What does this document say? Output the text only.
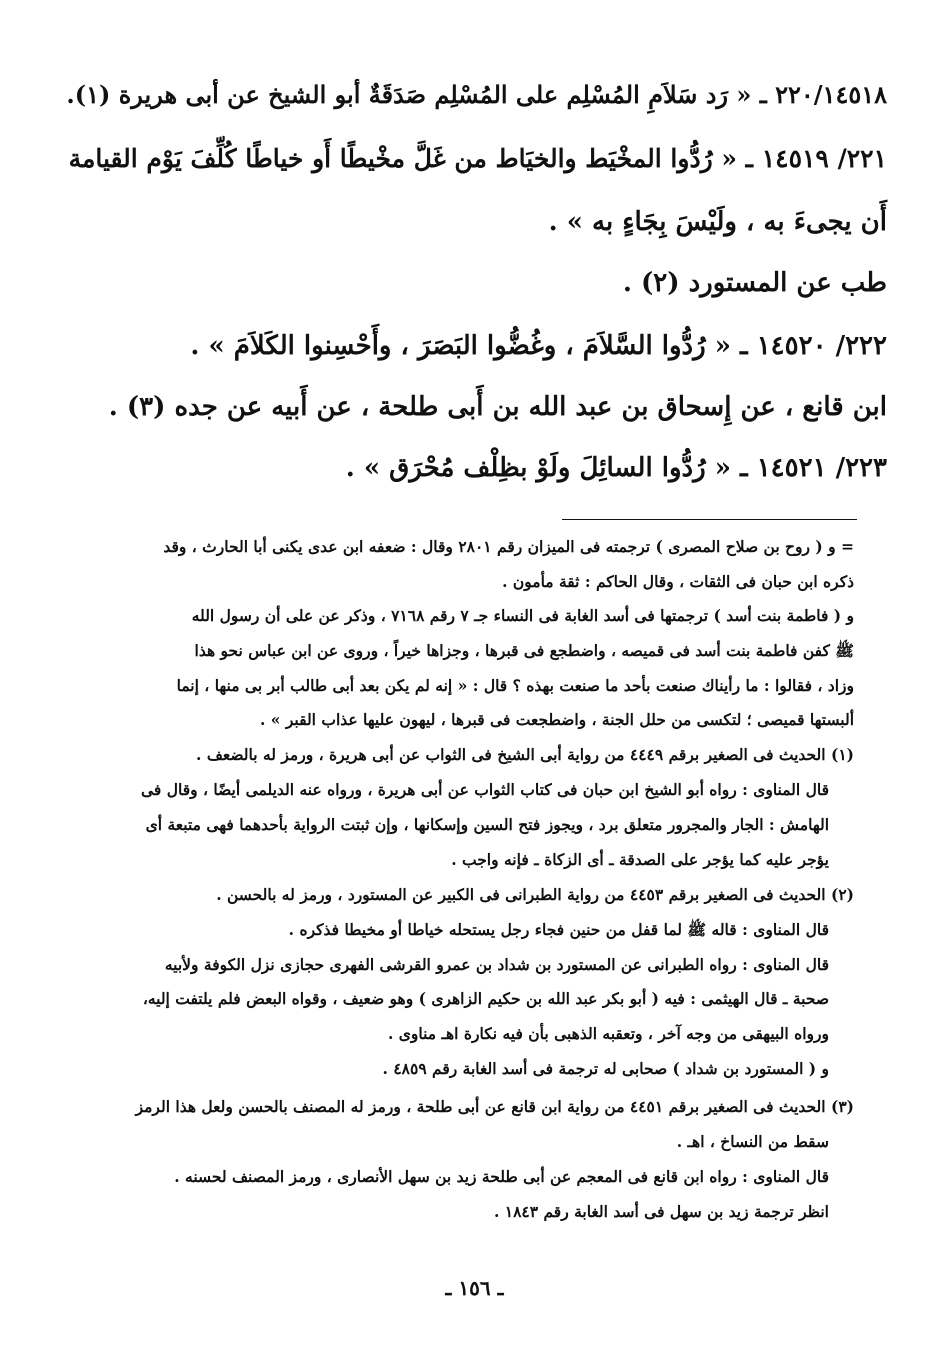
٢٢٠/١٤٥١٨ ـ « رَد سَلاَمِ المُسْلِم على المُسْلِم صَدَقَةٌ أبو الشيخ عن أبى هريرة (١).
٢٢١/ ١٤٥١٩ ـ « رُدُّوا المخْيَط والخيَاط من غَلَّ مخْيطًا أَو خياطًا كُلِّفَ يَوْم القيامة
أَن يجىءَ به ، ولَيْسَ بِجَاءٍ به » .
طب عن المستورد (٢) .
٢٢٢/ ١٤٥٢٠ ـ « رُدُّوا السَّلاَمَ ، وغُضُّوا البَصَرَ ، وأَحْسِنوا الكَلاَمَ » .
ابن قانع ، عن إِسحاق بن عبد الله بن أَبى طلحة ، عن أَبيه عن جده (٣) .
٢٢٣/ ١٤٥٢١ ـ « رُدُّوا السائِلَ ولَوْ بظِلْف مُحْرَق » .
= و ( روح بن صلاح المصرى ) ترجمته فى الميزان رقم ٢٨٠١ وقال : ضعفه ابن عدى يكنى أبا الحارث ، وقد
ذكره ابن حبان فى الثقات ، وقال الحاكم : ثقة مأمون .
و ( فاطمة بنت أسد ) ترجمتها فى أسد الغابة فى النساء جـ ٧ رقم ٧١٦٨ ، وذكر عن على أن رسول الله
ﷺ كفن فاطمة بنت أسد فى قميصه ، واضطجع فى قبرها ، وجزاها خيراً ، وروى عن ابن عباس نحو هذا
وزاد ، فقالوا : ما رأيناك صنعت بأحد ما صنعت بهذه ؟ قال : « إنه لم يكن بعد أبى طالب أبر بى منها ، إنما
ألبستها قميصى ؛ لتكسى من حلل الجنة ، واضطجعت فى قبرها ، ليهون عليها عذاب القبر » .
(١) الحديث فى الصغير برقم ٤٤٤٩ من رواية أبى الشيخ فى الثواب عن أبى هريرة ، ورمز له بالضعف .
قال المناوى : رواه أبو الشيخ ابن حبان فى كتاب الثواب عن أبى هريرة ، ورواه عنه الديلمى أيضًا ، وقال فى
الهامش : الجار والمجرور متعلق برد ، ويجوز فتح السين وإسكانها ، وإن ثبتت الرواية بأحدهما فهى متبعة أى
يؤجر عليه كما يؤجر على الصدقة ـ أى الزكاة ـ فإنه واجب .
(٢) الحديث فى الصغير برقم ٤٤٥٣ من رواية الطبرانى فى الكبير عن المستورد ، ورمز له بالحسن .
قال المناوى : قاله ﷺ لما قفل من حنين فجاء رجل يستحله خياطا أو مخيطا فذكره .
قال المناوى : رواه الطبرانى عن المستورد بن شداد بن عمرو القرشى الفهرى حجازى نزل الكوفة ولأبيه
صحبة ـ قال الهيثمى : فيه ( أبو بكر عبد الله بن حكيم الزاهرى ) وهو ضعيف ، وقواه البعض فلم يلتفت إليه،
ورواه البيهقى من وجه آخر ، وتعقبه الذهبى بأن فيه نكارة اهـ مناوى .
و ( المستورد بن شداد ) صحابى له ترجمة فى أسد الغابة رقم ٤٨٥٩ .
(٣) الحديث فى الصغير برقم ٤٤٥١ من رواية ابن قانع عن أبى طلحة ، ورمز له المصنف بالحسن ولعل هذا الرمز
سقط من النساخ ، اهـ .
قال المناوى : رواه ابن قانع فى المعجم عن أبى طلحة زيد بن سهل الأنصارى ، ورمز المصنف لحسنه .
انظر ترجمة زيد بن سهل فى أسد الغابة رقم ١٨٤٣ .
ـ ١٥٦ ـ
